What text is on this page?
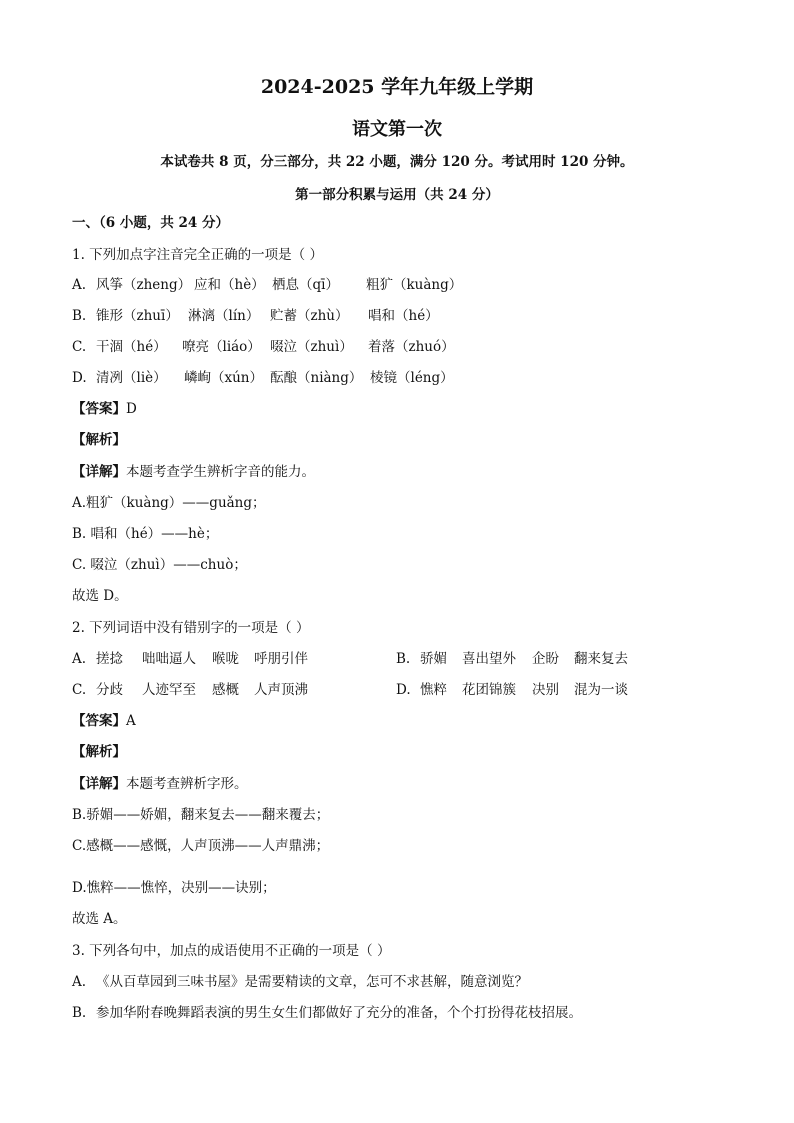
2024-2025 学年九年级上学期
语文第一次
本试卷共 8 页，分三部分，共 22 小题，满分 120 分。考试用时 120 分钟。
第一部分积累与运用（共 24 分）
一、（6 小题，共 24 分）
1. 下列加点字注音完全正确的一项是（ ）
A. 风筝（zheng） 应和（hè） 栖息（qī） 粗犷（kuàng）
B. 锥形（zhuī） 淋漓（lín） 贮蓄（zhù） 唱和（hé）
C. 干涸（hé） 嘹亮（liáo） 啜泣（zhuì） 着落（zhuó）
D. 清冽（liè） 嶙峋（xún） 酝酿（niàng） 棱镜（léng）
【答案】D
【解析】
【详解】本题考查学生辨析字音的能力。
A.粗犷（kuàng）——guǎng；
B. 唱和（hé）——hè；
C. 啜泣（zhuì）——chuò；
故选 D。
2. 下列词语中没有错别字的一项是（ ）
A. 搓捻 咄咄逼人 喉咙 呼朋引伴	B. 骄媚 喜出望外 企盼 翻来复去
C. 分歧 人迹罕至 感概 人声顶沸	D. 憔粹 花团锦簇 决别 混为一谈
【答案】A
【解析】
【详解】本题考查辨析字形。
B.骄媚——娇媚，翻来复去——翻来覆去；
C.感概——感慨，人声顶沸——人声鼎沸；
D.憔粹——憔悴，决别——诀别；
故选 A。
3. 下列各句中，加点的成语使用不正确的一项是（ ）
A. 《从百草园到三味书屋》是需要精读的文章，怎可不求甚解，随意浏览？
B. 参加华附春晚舞蹈表演的男生女生们都做好了充分的准备，个个打扮得花枝招展。
